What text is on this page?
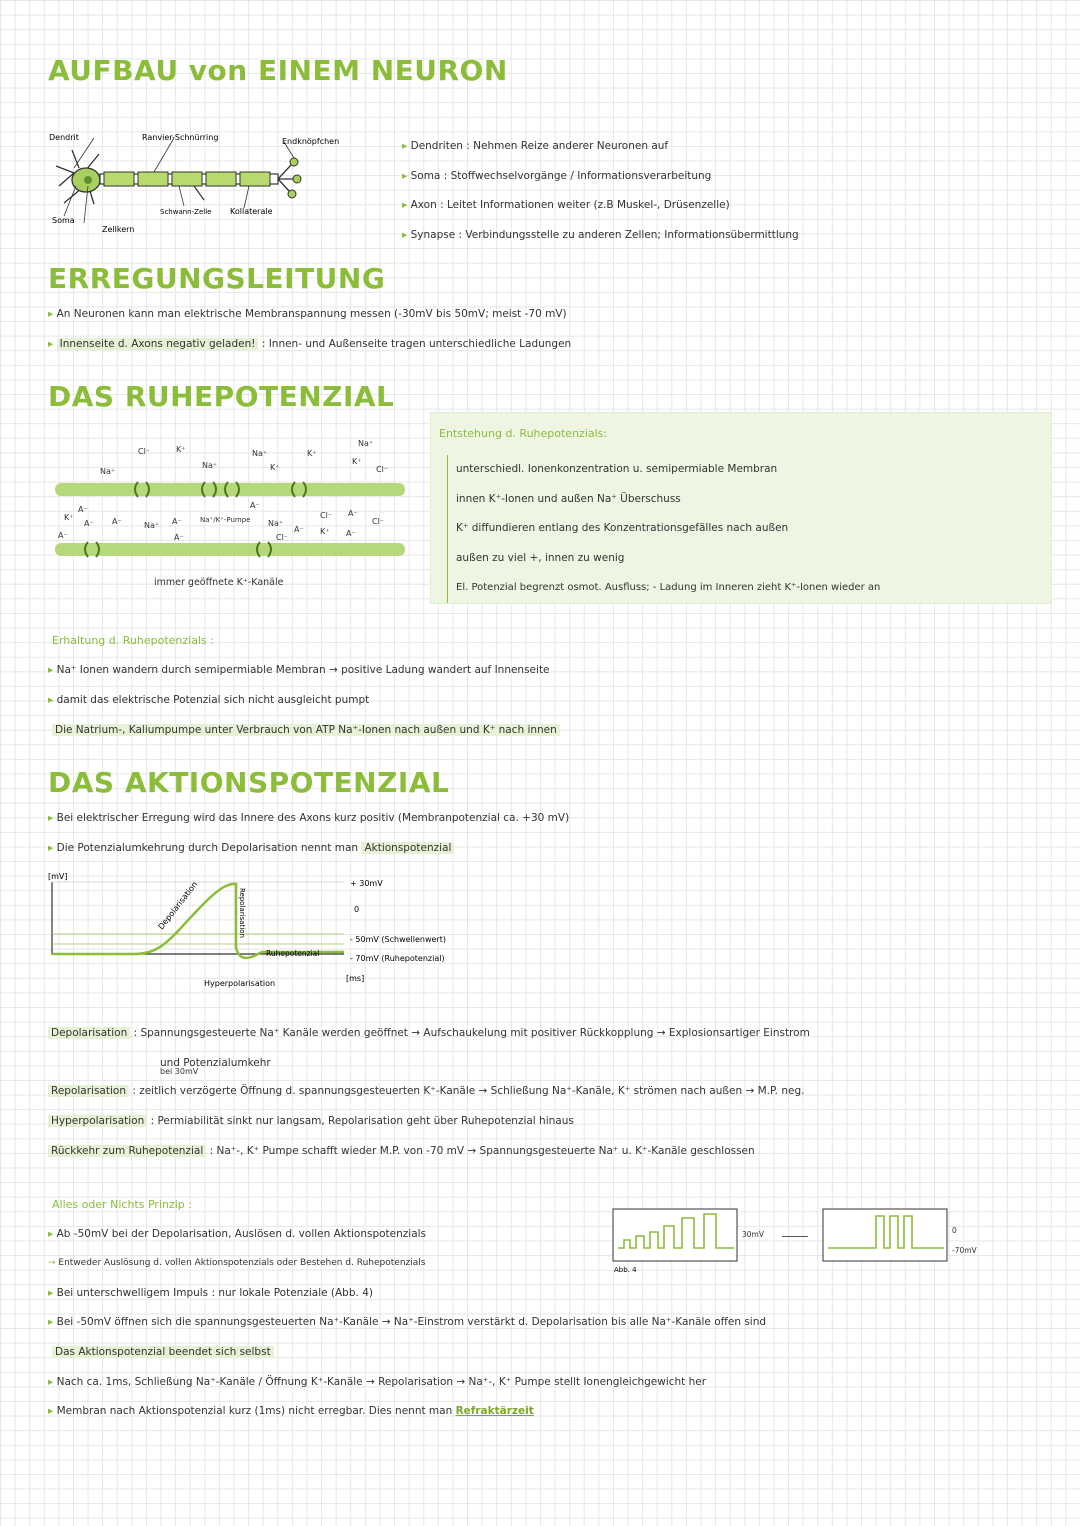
AUFBAU von EINEM NEURON
Dendrit	Ranvier-Schnürring	Endknöpfchen
Soma
Zellkern
Schwann-Zelle Kollaterale
▸ Dendriten : Nehmen Reize anderer Neuronen auf
▸ Soma : Stoffwechselvorgänge / Informationsverarbeitung
▸ Axon : Leitet Informationen weiter (z.B Muskel-, Drüsenzelle)
▸ Synapse : Verbindungsstelle zu anderen Zellen; Informationsübermittlung
ERREGUNGSLEITUNG
▸ An Neuronen kann man elektrische Membranspannung messen (-30mV bis 50mV; meist -70 mV)
▸ Innenseite d. Axons negativ geladen! : Innen- und Außenseite tragen unterschiedliche Ladungen
DAS RUHEPOTENZIAL
Cl⁻	K⁺
Na⁺
Na⁺
Na⁺
K⁺
K⁺
Na⁺
K⁺
Cl⁻
K⁺
A⁻
A⁻ A⁻
A⁻
Na⁺ A⁻
A⁻
Na⁺/K⁺-Pumpe
A⁻
Na⁺
Cl⁻
A⁻
Cl⁻
K⁺
A⁻
A⁻
Cl⁻
immer geöffnete K⁺-Kanäle
Entstehung d. Ruhepotenzials:
unterschiedl. Ionenkonzentration u. semipermiable Membran
innen K⁺-Ionen und außen Na⁺ Überschuss
K⁺ diffundieren entlang des Konzentrationsgefälles nach außen
außen zu viel +, innen zu wenig
El. Potenzial begrenzt osmot. Ausfluss; - Ladung im Inneren zieht K⁺-Ionen wieder an
Erhaltung d. Ruhepotenzials :
▸ Na⁺ Ionen wandern durch semipermiable Membran → positive Ladung wandert auf Innenseite
▸ damit das elektrische Potenzial sich nicht ausgleicht pumpt
Die Natrium-, Kaliumpumpe unter Verbrauch von ATP Na⁺-Ionen nach außen und K⁺ nach innen
DAS AKTIONSPOTENZIAL
▸ Bei elektrischer Erregung wird das Innere des Axons kurz positiv (Membranpotenzial ca. +30 mV)
▸ Die Potenzialumkehrung durch Depolarisation nennt man Aktionspotenzial
[mV]
Depolarisation	Repolarisation
Ruhepotenzial
Hyperpolarisation
+ 30mV
0
- 50mV (Schwellenwert)
- 70mV (Ruhepotenzial)
[ms]
Depolarisation : Spannungsgesteuerte Na⁺ Kanäle werden geöffnet → Aufschaukelung mit positiver Rückkopplung → Explosionsartiger Einstrom
und Potenzialumkehr
bei 30mV
Repolarisation : zeitlich verzögerte Öffnung d. spannungsgesteuerten K⁺-Kanäle → Schließung Na⁺-Kanäle, K⁺ strömen nach außen → M.P. neg.
Hyperpolarisation : Permiabilität sinkt nur langsam, Repolarisation geht über Ruhepotenzial hinaus
Rückkehr zum Ruhepotenzial : Na⁺-, K⁺ Pumpe schafft wieder M.P. von -70 mV → Spannungsgesteuerte Na⁺ u. K⁺-Kanäle geschlossen
Alles oder Nichts Prinzip :
▸ Ab -50mV bei der Depolarisation, Auslösen d. vollen Aktionspotenzials
→ Entweder Auslösung d. vollen Aktionspotenzials oder Bestehen d. Ruhepotenzials
▸ Bei unterschwelligem Impuls : nur lokale Potenziale (Abb. 4)
▸ Bei -50mV öffnen sich die spannungsgesteuerten Na⁺-Kanäle → Na⁺-Einstrom verstärkt d. Depolarisation bis alle Na⁺-Kanäle offen sind
Das Aktionspotenzial beendet sich selbst
▸ Nach ca. 1ms, Schließung Na⁺-Kanäle / Öffnung K⁺-Kanäle → Repolarisation → Na⁺-, K⁺ Pumpe stellt Ionengleichgewicht her
▸ Membran nach Aktionspotenzial kurz (1ms) nicht erregbar. Dies nennt man Refraktärzeit
Abb. 4
30mV	0
-70mV
